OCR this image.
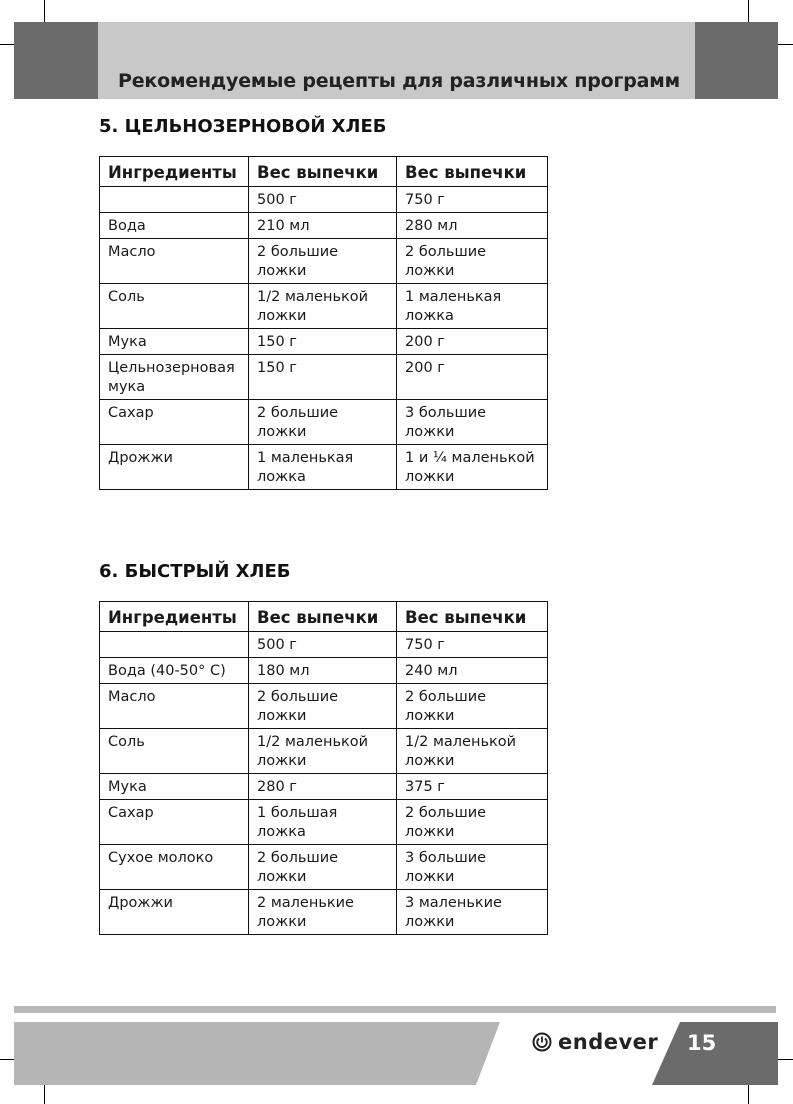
Рекомендуемые рецепты для различных программ
5. ЦЕЛЬНОЗЕРНОВОЙ ХЛЕБ
Ингредиенты	Вес выпечки	Вес выпечки
	500 г	750 г
Вода	210 мл	280 мл
Масло	2 большие ложки	2 большие ложки
Соль	1/2 маленькой ложки	1 маленькая ложка
Мука	150 г	200 г
Цельнозерновая мука	150 г	200 г
Сахар	2 большие ложки	3 большие ложки
Дрожжи	1 маленькая ложка	1 и ¼ маленькой ложки
6. БЫСТРЫЙ ХЛЕБ
Ингредиенты	Вес выпечки	Вес выпечки
	500 г	750 г
Вода (40-50° С)	180 мл	240 мл
Масло	2 большие ложки	2 большие ложки
Соль	1/2 маленькой ложки	1/2 маленькой ложки
Мука	280 г	375 г
Сахар	1 большая ложка	2 большие ложки
Сухое молоко	2 большие ложки	3 большие ложки
Дрожжи	2 маленькие ложки	3 маленькие ложки
endever 15
